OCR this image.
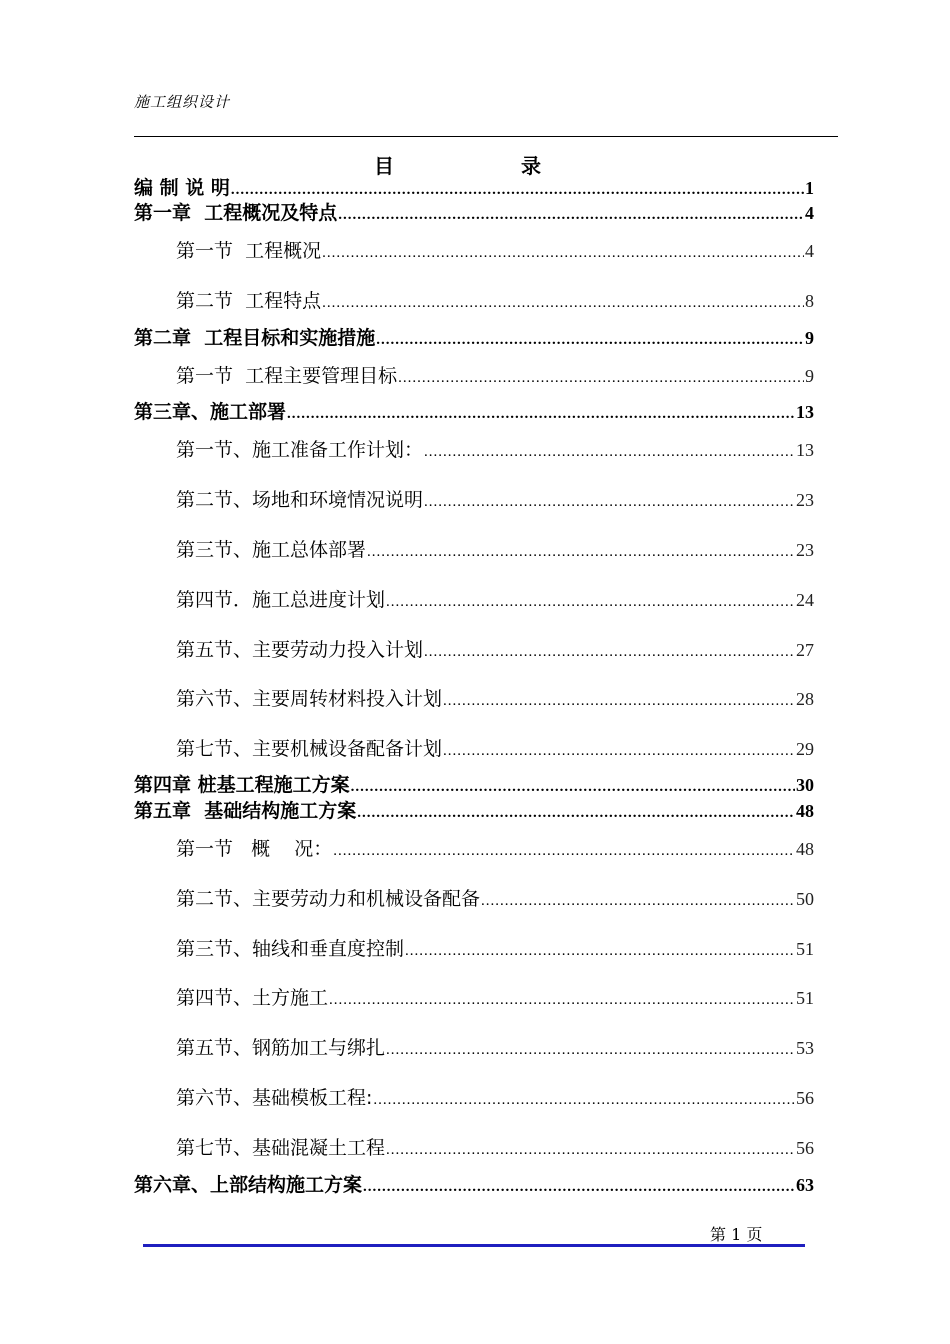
施工组织设计
目 录
编 制 说 明 .....	1
第一章  工程概况及特点 .....	4
第一节  工程概况 .....	4
第二节  工程特点 .....	8
第二章  工程目标和实施措施 .....	9
第一节  工程主要管理目标 .....	9
第三章、施工部署 .....	13
第一节、施工准备工作计划： .....	13
第二节、场地和环境情况说明 .....	23
第三节、施工总体部署 .....	23
第四节．施工总进度计划 .....	24
第五节、主要劳动力投入计划 .....	27
第六节、主要周转材料投入计划 .....	28
第七节、主要机械设备配备计划 .....	29
第四章 桩基工程施工方案 .....	30
第五章  基础结构施工方案 .....	48
第一节   概    况： .....	48
第二节、主要劳动力和机械设备配备 .....	50
第三节、轴线和垂直度控制 .....	51
第四节、土方施工 .....	51
第五节、钢筋加工与绑扎 .....	53
第六节、基础模板工程: .....	56
第七节、基础混凝土工程 .....	56
第六章、上部结构施工方案 .....	63
第 1 页
